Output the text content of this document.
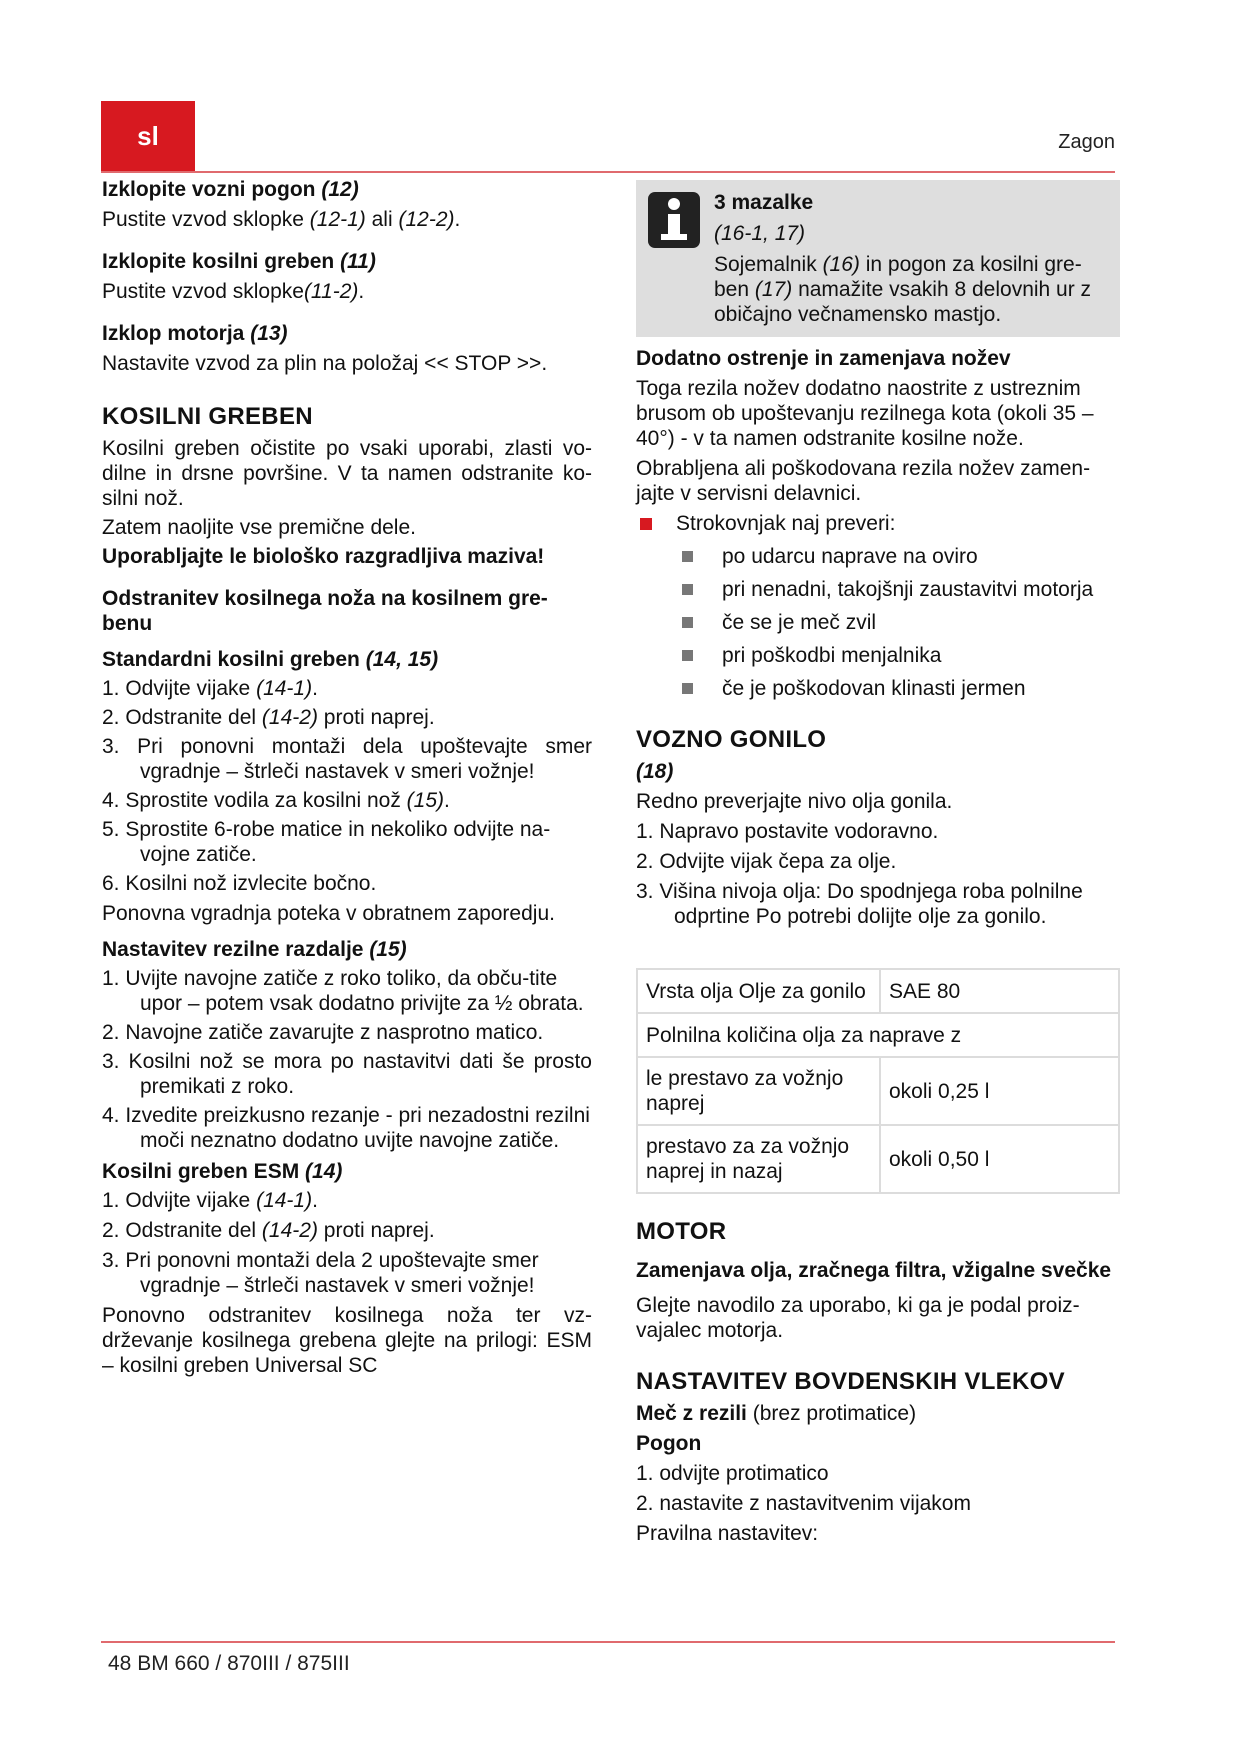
sl	Zagon

Izklopite vozni pogon (12)

Pustite vzvod sklopke (12-1) ali (12-2).

Izklopite kosilni greben (11)

Pustite vzvod sklopke(11-2).

Izklop motorja (13)

Nastavite vzvod za plin na položaj << STOP >>.

KOSILNI GREBEN

Kosilni greben očistite po vsaki uporabi, zlasti vo-dilne in drsne površine. V ta namen odstranite ko-silni nož.

Zatem naoljite vse premične dele.

Uporabljajte le biološko razgradljiva maziva!

Odstranitev kosilnega noža na kosilnem gre-benu

Standardni kosilni greben (14, 15)

1. Odvijte vijake (14-1).

2. Odstranite del (14-2) proti naprej.

3. Pri ponovni montaži dela upoštevajte smer vgradnje – štrleči nastavek v smeri vožnje!

4. Sprostite vodila za kosilni nož (15).

5. Sprostite 6-robe matice in nekoliko odvijte na-vojne zatiče.

6. Kosilni nož izvlecite bočno.

Ponovna vgradnja poteka v obratnem zaporedju.

Nastavitev rezilne razdalje (15)

1. Uvijte navojne zatiče z roko toliko, da obču-tite upor – potem vsak dodatno privijte za ½ obrata.

2. Navojne zatiče zavarujte z nasprotno matico.

3. Kosilni nož se mora po nastavitvi dati še prosto premikati z roko.

4. Izvedite preizkusno rezanje - pri nezadostni rezilni moči neznatno dodatno uvijte navojne zatiče.

Kosilni greben ESM (14)

1. Odvijte vijake (14-1).

2. Odstranite del (14-2) proti naprej.

3. Pri ponovni montaži dela 2 upoštevajte smer vgradnje – štrleči nastavek v smeri vožnje!

Ponovno odstranitev kosilnega noža ter vz-drževanje kosilnega grebena glejte na prilogi: ESM – kosilni greben Universal SC

3 mazalke

(16-1, 17)

Sojemalnik (16) in pogon za kosilni gre-ben (17) namažite vsakih 8 delovnih ur z običajno večnamensko mastjo.

Dodatno ostrenje in zamenjava nožev

Toga rezila nožev dodatno naostrite z ustreznim brusom ob upoštevanju rezilnega kota (okoli 35 – 40°) - v ta namen odstranite kosilne nože.

Obrabljena ali poškodovana rezila nožev zamen-jajte v servisni delavnici.

Strokovnjak naj preveri:

po udarcu naprave na oviro

pri nenadni, takojšnji zaustavitvi motorja

če se je meč zvil

pri poškodbi menjalnika

če je poškodovan klinasti jermen

VOZNO GONILO

(18)

Redno preverjajte nivo olja gonila.

1. Napravo postavite vodoravno.

2. Odvijte vijak čepa za olje.

3. Višina nivoja olja: Do spodnjega roba polnilne odprtine Po potrebi dolijte olje za gonilo.

Vrsta olja Olje za gonilo	SAE 80
Polnilna količina olja za naprave z	
le prestavo za vožnjo naprej	okoli 0,25 l
prestavo za za vožnjo naprej in nazaj	okoli 0,50 l

MOTOR

Zamenjava olja, zračnega filtra, vžigalne svečke

Glejte navodilo za uporabo, ki ga je podal proiz-vajalec motorja.

NASTAVITEV BOVDENSKIH VLEKOV

Meč z rezili (brez protimatice)

Pogon

1. odvijte protimatico

2. nastavite z nastavitvenim vijakom

Pravilna nastavitev:

48 BM 660 / 870III / 875III
